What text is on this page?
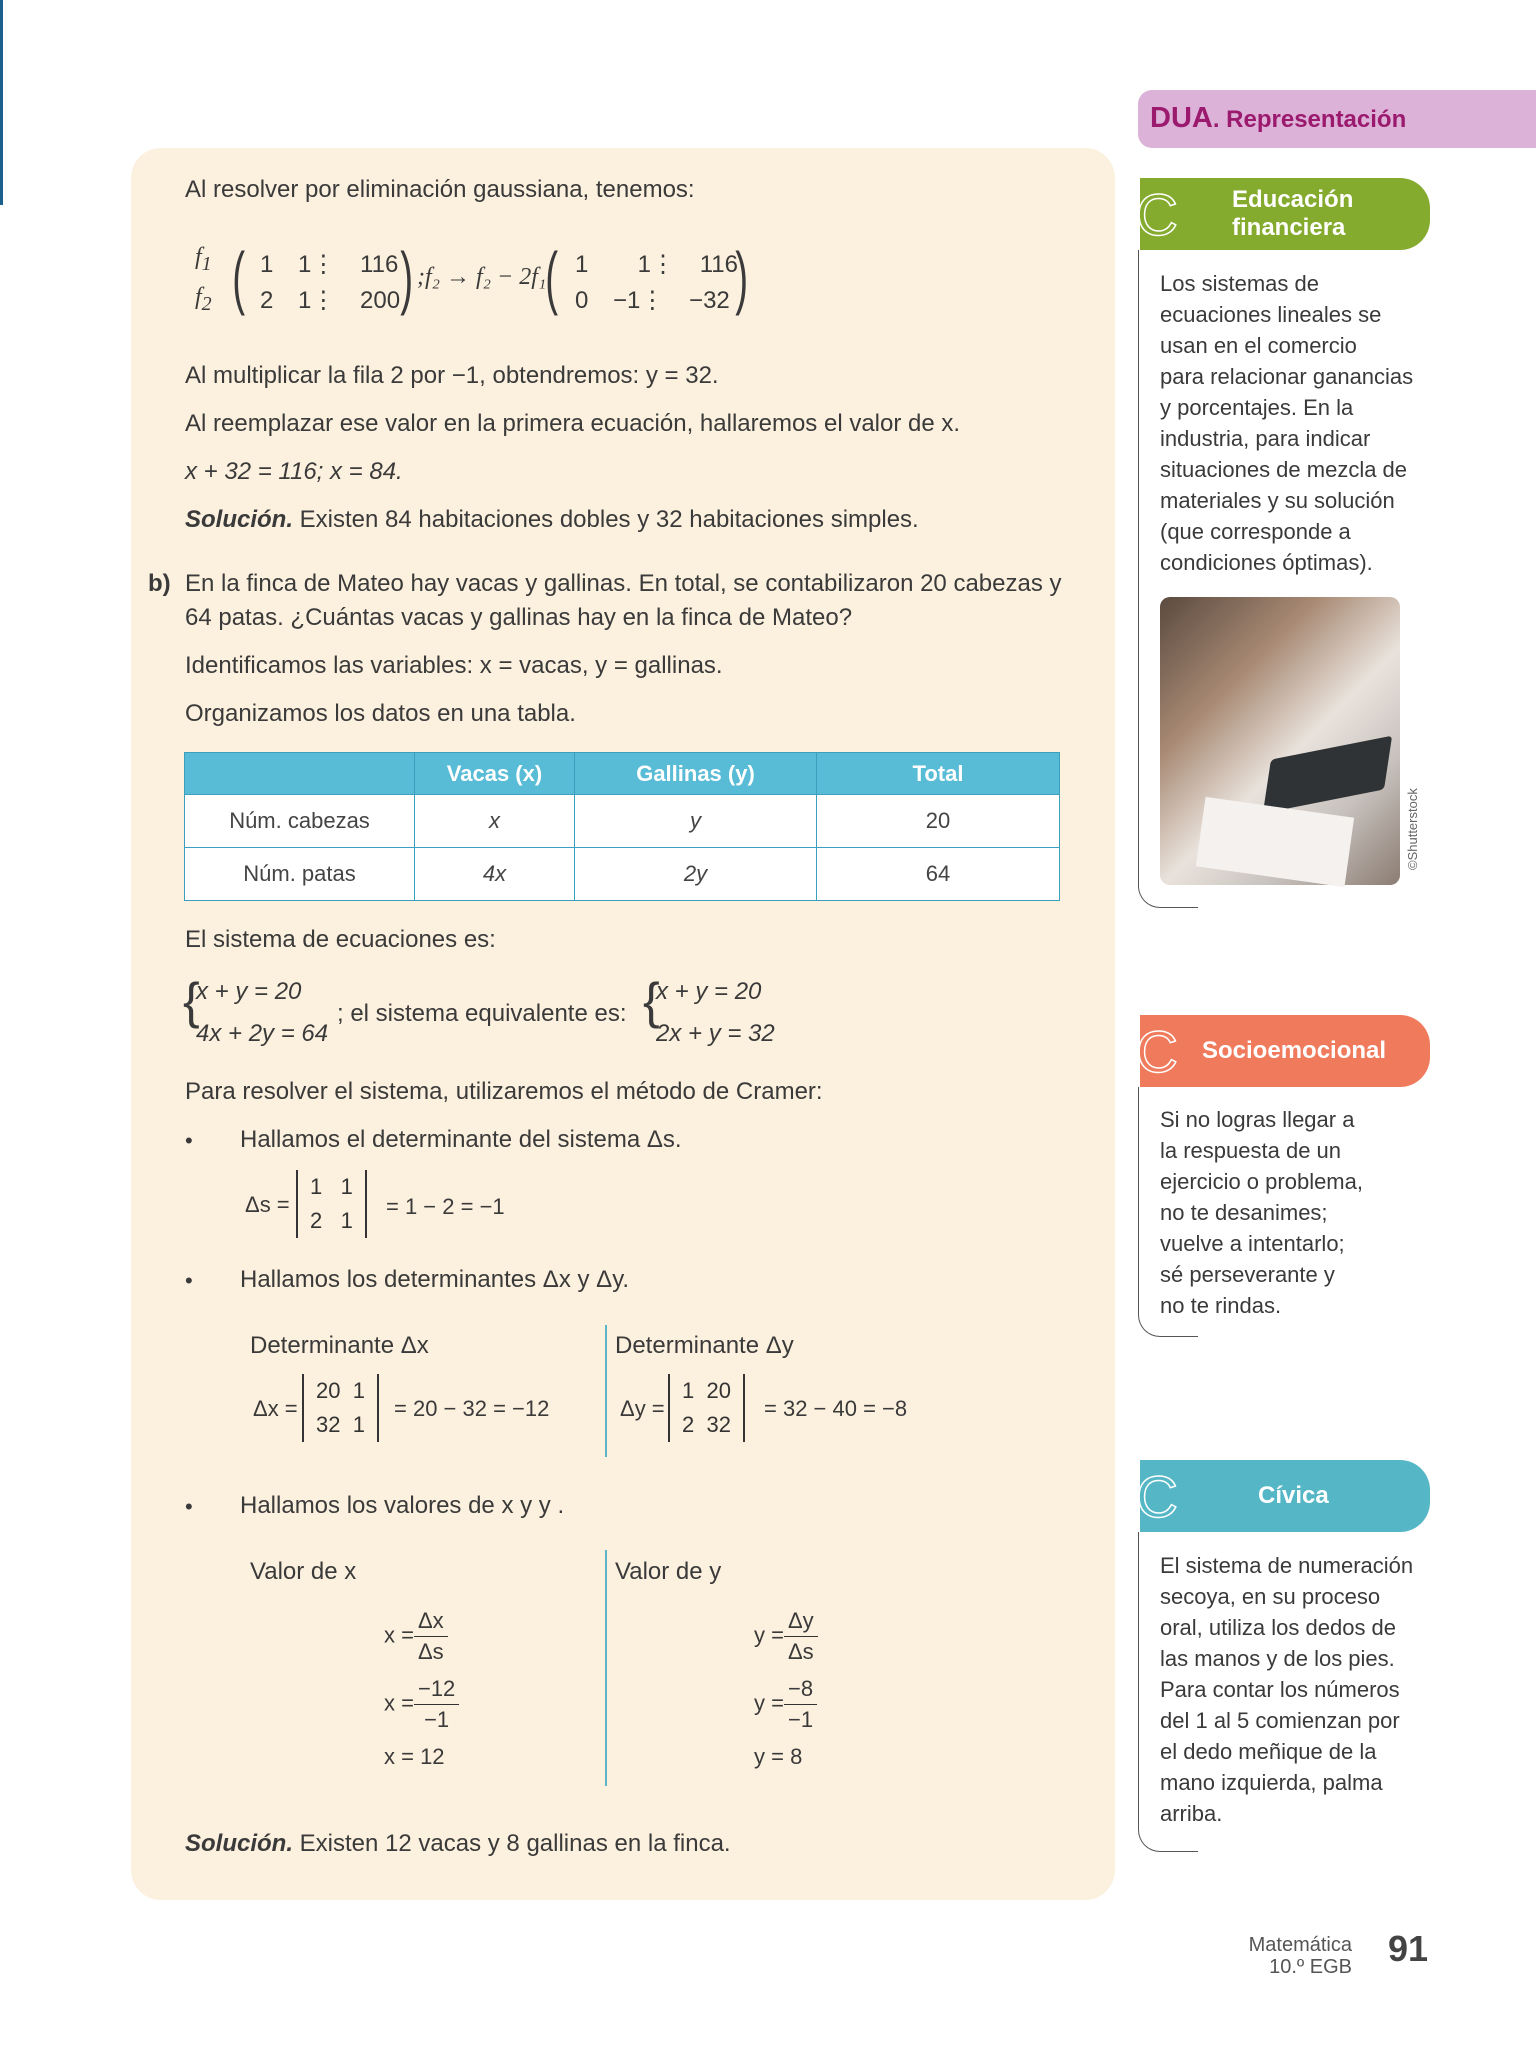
Al resolver por eliminación gaussiana, tenemos:
$f_1$
$f_2$ ( 1 1⋮ 116
2 1⋮ 200 ) ;f₂ → f₂ − 2f₁ ( 1  1⋮ 116
0 −1⋮ −32 )
Al multiplicar la fila 2 por −1, obtendremos: y = 32.
Al reemplazar ese valor en la primera ecuación, hallaremos el valor de x.
x + 32 = 116; x = 84.
Solución. Existen 84 habitaciones dobles y 32 habitaciones simples.
b) En la finca de Mateo hay vacas y gallinas. En total, se contabilizaron 20 cabezas y
64 patas. ¿Cuántas vacas y gallinas hay en la finca de Mateo?
Identificamos las variables: x = vacas, y = gallinas.
Organizamos los datos en una tabla.
	Vacas (x)	Gallinas (y)	Total
Núm. cabezas	x	y	20
Núm. patas	4x	2y	64
El sistema de ecuaciones es:
{
x + y = 20
4x + 2y = 64
; el sistema equivalente es: {
x + y = 20
2x + y = 32
Para resolver el sistema, utilizaremos el método de Cramer:
• Hallamos el determinante del sistema Δs.
Δs =
1   1
2   1
= 1 − 2 = −1
• Hallamos los determinantes Δx y Δy.
Determinante Δx
Δx =
20  1
32  1
= 20 − 32 = −12
Determinante Δy
Δy =
1  20
2  32
= 32 − 40 = −8
• Hallamos los valores de x y y .
Valor de x
$x = \frac{\Delta x}{\Delta s}$
$x = \frac{-12}{-1}$
x = 12
Valor de y
$y = \frac{\Delta y}{\Delta s}$
$y = \frac{-8}{-1}$
y = 8
Solución. Existen 12 vacas y 8 gallinas en la finca.
DUA. Representación
IC Educación
financiera
Los sistemas de
ecuaciones lineales se
usan en el comercio
para relacionar ganancias
y porcentajes. En la
industria, para indicar
situaciones de mezcla de
materiales y su solución
(que corresponde a
condiciones óptimas).
©Shutterstock
IC Socioemocional
Si no logras llegar a
la respuesta de un
ejercicio o problema,
no te desanimes;
vuelve a intentarlo;
sé perseverante y
no te rindas.
IC	Cívica
El sistema de numeración
secoya, en su proceso
oral, utiliza los dedos de
las manos y de los pies.
Para contar los números
del 1 al 5 comienzan por
el dedo meñique de la
mano izquierda, palma
arriba.
Matemática
10.º EGB 91
